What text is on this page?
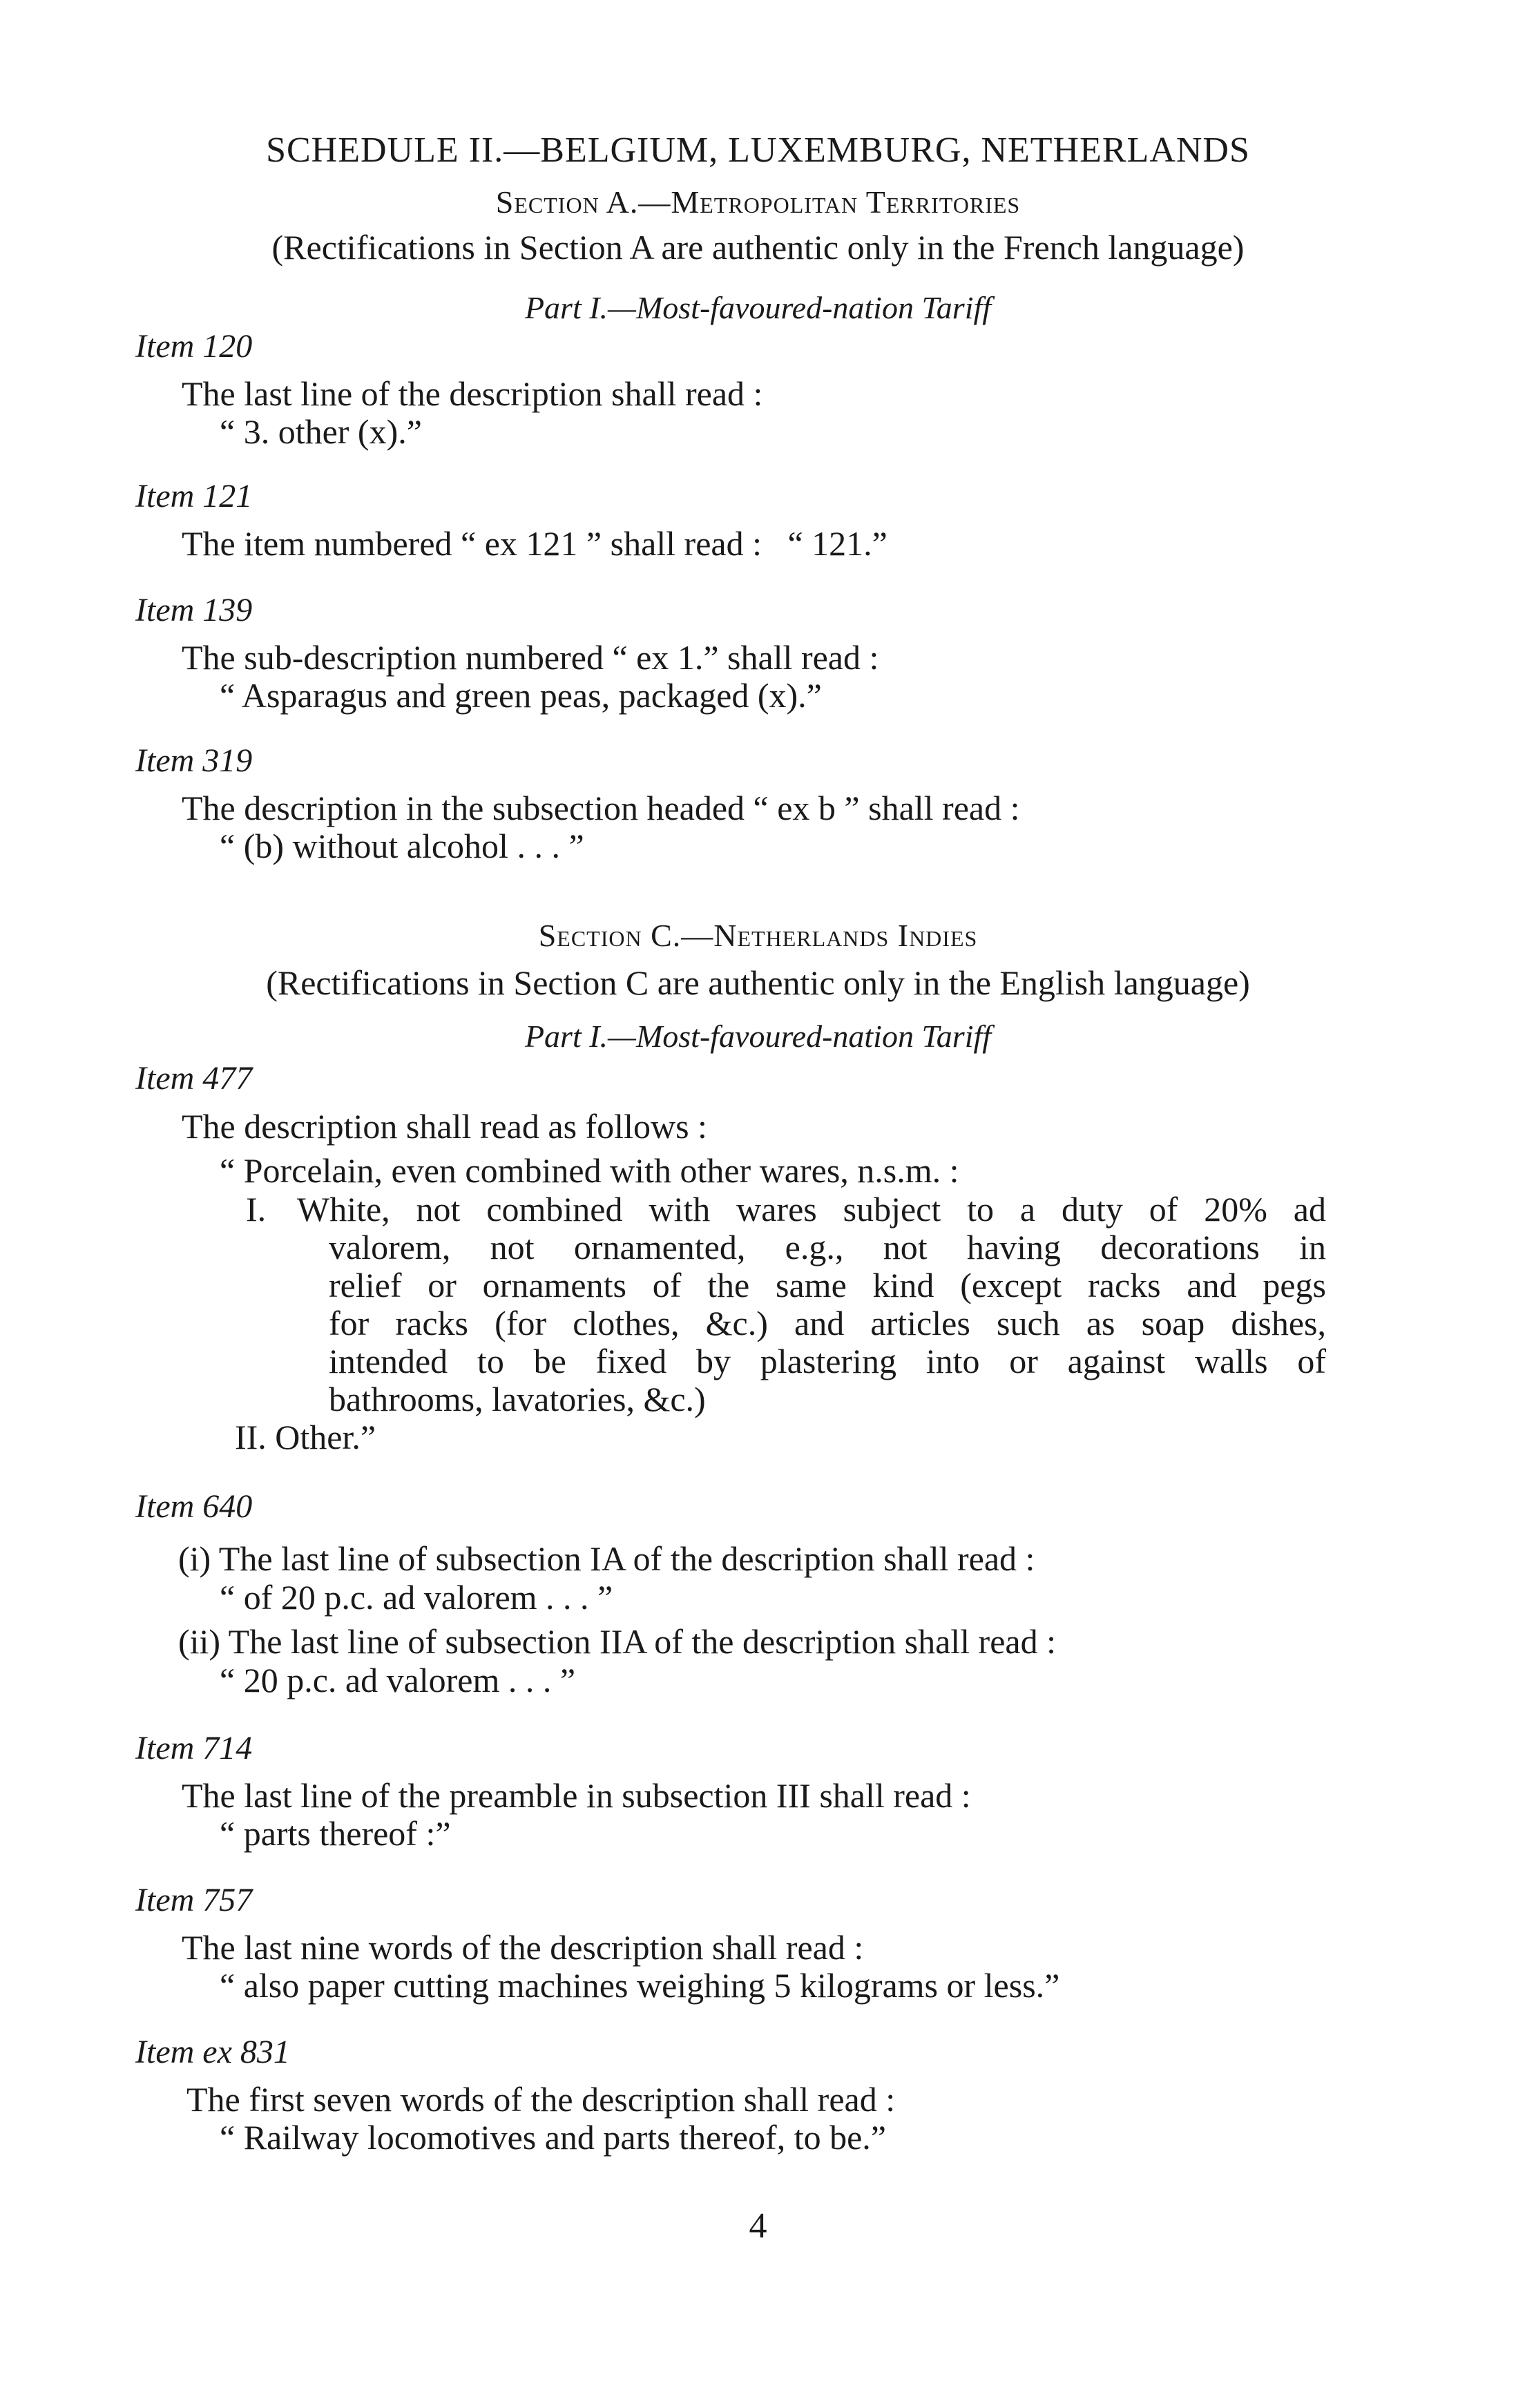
SCHEDULE II.—BELGIUM, LUXEMBURG, NETHERLANDS
Section A.—Metropolitan Territories
(Rectifications in Section A are authentic only in the French language)
Part I.—Most-favoured-nation Tariff
Item 120
The last line of the description shall read :
“ 3. other (x).”
Item 121
The item numbered “ ex 121 ” shall read :   “ 121.”
Item 139
The sub-description numbered “ ex 1.” shall read :
“ Asparagus and green peas, packaged (x).”
Item 319
The description in the subsection headed “ ex b ” shall read :
“ (b) without alcohol . . . ”
Section C.—Netherlands Indies
(Rectifications in Section C are authentic only in the English language)
Part I.—Most-favoured-nation Tariff
Item 477
The description shall read as follows :
“ Porcelain, even combined with other wares, n.s.m. :
I. White, not combined with wares subject to a duty of 20% ad
valorem, not ornamented, e.g., not having decorations in
relief or ornaments of the same kind (except racks and pegs
for racks (for clothes, &c.) and articles such as soap dishes,
intended to be fixed by plastering into or against walls of
bathrooms, lavatories, &c.)
II. Other.”
Item 640
(i) The last line of subsection IA of the description shall read :
“ of 20 p.c. ad valorem . . . ”
(ii) The last line of subsection IIA of the description shall read :
“ 20 p.c. ad valorem . . . ”
Item 714
The last line of the preamble in subsection III shall read :
“ parts thereof :”
Item 757
The last nine words of the description shall read :
“ also paper cutting machines weighing 5 kilograms or less.”
Item ex 831
The first seven words of the description shall read :
“ Railway locomotives and parts thereof, to be.”
4
